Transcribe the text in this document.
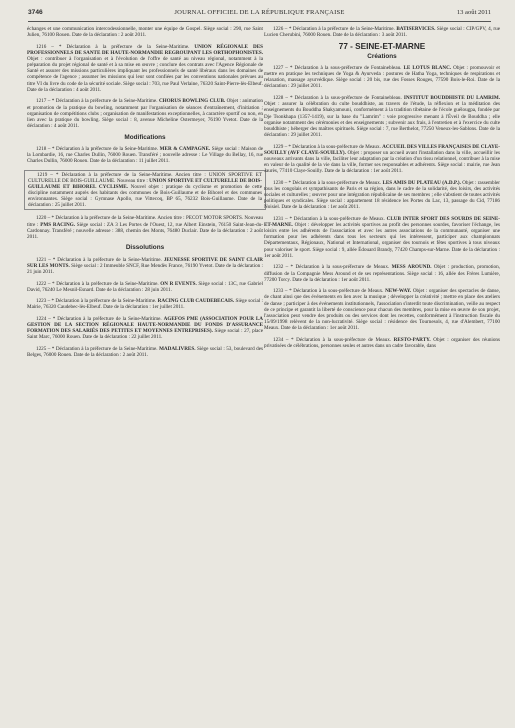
3746	JOURNAL OFFICIEL DE LA RÉPUBLIQUE FRANÇAISE	13 août 2011

échanges et une communication intercodessionnelle, monter une équipe de Gospel. Siège social : 290, rue Saint Julien, 76100 Rouen. Date de la déclaration : 2 août 2011.

1216 – * Déclaration à la préfecture de la Seine-Maritime. UNION RÉGIONALE DES PROFESSIONNELS DE SANTE DE HAUTE-NORMANDIE REGROUPANT LES ORTHOPHONISTES. Objet : contribuer à l'organisation et à l'évolution de l'offre de santé au niveau régional, notamment à la préparation du projet régional de santé et à sa mise en œuvre ; conclure des contrats avec l'Agence Régionale de Santé et assurer des missions particulières impliquant les professionnels de santé libéraux dans les domaines de compétence de l'agence ; assumer les missions qui leur sont confiées par les conventions nationales prévues au titre VI du livre du code de la sécurité sociale. Siège social : 703, rue Paul Verlaine, 76320 Saint-Pierre-lès-Elbeuf. Date de la déclaration : 4 août 2011.

1217 – * Déclaration à la préfecture de la Seine-Maritime. CHORUS BOWLING CLUB. Objet : animation et promotion de la pratique du bowling, notamment par l'organisation de séances d'entraînement, d'initiation ; organisation de compétitions clubs ; organisation de manifestations exceptionnelles, à caractère sportif ou non, en lien avec la pratique du bowling. Siège social : 8, avenue Micheline Ostermeyer, 76190 Yvetot. Date de la déclaration : 4 août 2011.

Modifications

1218 – * Déclaration à la préfecture de la Seine-Maritime. MER & CAMPAGNE. Siège social : Maison de la Lombardie, 16, rue Charles Dullin, 76000 Rouen. Transféré ; nouvelle adresse : Le Village du Bellay, 16, rue Charles Dullin, 76000 Rouen. Date de la déclaration : 11 juillet 2011.

1219 – * Déclaration à la préfecture de la Seine-Maritime. Ancien titre : UNION SPORTIVE ET CULTURELLE DE BOIS-GUILLAUME. Nouveau titre : UNION SPORTIVE ET CULTURELLE DE BOIS-GUILLAUME ET BIHOREL CYCLISME. Nouvel objet : pratique du cyclisme et promotion de cette discipline notamment auprès des habitants des communes de Bois-Guillaume et de Bihorel et des communes environnantes. Siège social : Gymnase Apollo, rue Vittecoq, BP 65, 76232 Bois-Guillaume. Date de la déclaration : 25 juillet 2011.

1220 – * Déclaration à la préfecture de la Seine-Maritime. Ancien titre : PECOT MOTOR SPORTS. Nouveau titre : PMS RACING. Siège social : ZA 3 Les Portes de l'Ouest, 12, rue Albert Einstein, 76150 Saint-Jean-du-Cardonnay. Transféré ; nouvelle adresse : 388, chemin des Monts, 76480 Duclair. Date de la déclaration : 2 août 2011.

Dissolutions

1221 – * Déclaration à la préfecture de la Seine-Maritime. JEUNESSE SPORTIVE DE SAINT CLAIR SUR LES MONTS. Siège social : 2 Immeuble SNCF, Rue Mendès France, 76190 Yvetot. Date de la déclaration : 21 juin 2011.

1222 – * Déclaration à la préfecture de la Seine-Maritime. ON R EVENTS. Siège social : 13C, rue Gabriel David, 76240 Le Mesnil-Esnard. Date de la déclaration : 28 juin 2011.

1223 – * Déclaration à la préfecture de la Seine-Maritime. RACING CLUB CAUDEBECAIS. Siège social : Mairie, 76320 Caudebec-lès-Elbeuf. Date de la déclaration : 1er juillet 2011.

1224 – * Déclaration à la préfecture de la Seine-Maritime. AGEFOS PME (ASSOCIATION POUR LA GESTION DE LA SECTION RÉGIONALE HAUTE-NORMANDIE DU FONDS D'ASSURANCE FORMATION DES SALARIÉS DES PETITES ET MOYENNES ENTREPRISES). Siège social : 27, place Saint Marc, 76000 Rouen. Date de la déclaration : 22 juillet 2011.

1225 – * Déclaration à la préfecture de la Seine-Maritime. MADALIVRES. Siège social : 53, boulevard des Belges, 76000 Rouen. Date de la déclaration : 2 août 2011.

1226 – * Déclaration à la préfecture de la Seine-Maritime. BATISERVICES. Siège social : CIP/GPV, 4, rue Lucien Cherubini, 76000 Rouen. Date de la déclaration : 3 août 2011.

77 - SEINE-ET-MARNE
Créations

1227 – * Déclaration à la sous-préfecture de Fontainebleau. LE LOTUS BLANC. Objet : promouvoir et mettre en pratique les techniques de Yoga & Ayurveda : postures de Hatha Yoga, techniques de respirations et relaxation, massage ayurvédique. Siège social : 20 bis, rue des Fosses Rouges, 77590 Bois-le-Roi. Date de la déclaration : 29 juillet 2011.

1228 – * Déclaration à la sous-préfecture de Fontainebleau. INSTITUT BOUDDHISTE DU LAMRIM. Objet : assurer la célébration du culte bouddhiste, au travers de l'étude, la réflexion et la méditation des enseignements du Bouddha Shakyamouni, conformément à la tradition tibétaine de l'école guélougpa, fondée par Dje Tsonkhapa (1357-1419), sur la base du "Lamrim" : voie progressive menant à l'Éveil de Bouddha ; elle organise notamment des cérémonies et des enseignements ; subvenir aux frais, à l'entretien et à l'exercice du culte bouddhiste ; héberger des maîtres spirituels. Siège social : 7, rue Berthelot, 77250 Veneux-les-Sablons. Date de la déclaration : 29 juillet 2011.

1229 – * Déclaration à la sous-préfecture de Meaux. ACCUEIL DES VILLES FRANÇAISES DE CLAYE-SOUILLY (AVF CLAYE-SOUILLY). Objet : proposer un accueil avant l'installation dans la ville, accueillir les nouveaux arrivants dans la ville, faciliter leur adaptation par la création d'un tissu relationnel, contribuer à la mise en valeur de la qualité de la vie dans la ville, former ses responsables et adhérents. Siège social : mairie, rue Jean Jaurès, 77410 Claye-Souilly. Date de la déclaration : 1er août 2011.

1230 – * Déclaration à la sous-préfecture de Meaux. LES AMIS DU PLATEAU (A.D.P.). Objet : rassembler tous les congolais et sympathisants de Paris et sa région, dans le cadre de la solidarité, des loisirs, des activités sociales et culturelles ; œuvrer pour une intégration républicaine de ses membres ; elle s'abstient de toutes activités politiques et syndicales. Siège social : appartement 18 résidence les Portes du Lac, 13, passage du Cid, 77186 Noisiel. Date de la déclaration : 1er août 2011.

1231 – * Déclaration à la sous-préfecture de Meaux. CLUB INTER SPORT DES SOURDS DE SEINE-ET-MARNE. Objet : développer les activités sportives au profit des personnes sourdes, favoriser l'échange, les loisirs entre les adhérents de l'association et avec les autres associations de la communauté, organiser une formation pour les adhérents dans tous les secteurs qui les intéressent, participer aux championnats Départementaux, Régionaux, National et International, organiser des tournois et fêtes sportives à tous niveaux pour valoriser le sport. Siège social : 9, allée Édouard Brandy, 77420 Champs-sur-Marne. Date de la déclaration : 1er août 2011.

1232 – * Déclaration à la sous-préfecture de Meaux. MESS AROUND. Objet : production, promotion, diffusion de la Compagnie Mess Around et de ses représentations. Siège social : 16, allée des Frères Lumière, 77200 Torcy. Date de la déclaration : 1er août 2011.

1233 – * Déclaration à la sous-préfecture de Meaux. NEW-WAY. Objet : organiser des spectacles de danse, de chant ainsi que des événements en lien avec la musique ; développer la créativité ; mettre en place des ateliers de danse ; participer à des événements institutionnels, l'association s'interdit toute discrimination, veille au respect de ce principe et garantit la liberté de conscience pour chacun des membres, pour la mise en œuvre de son projet, l'association peut vendre des produits ou des services dont les recettes, conformément à l'instruction fiscale du 15/09/1998 relèvent de la non-lucrativité. Siège social : résidence des Tournesols, 4, rue d'Alembert, 77100 Meaux. Date de la déclaration : 1er août 2011.

1234 – * Déclaration à la sous-préfecture de Meaux. RESTO-PARTY. Objet : organiser des réunions privatisées de célébrations, personnes seules et autres dans un cadre favorable, dans
